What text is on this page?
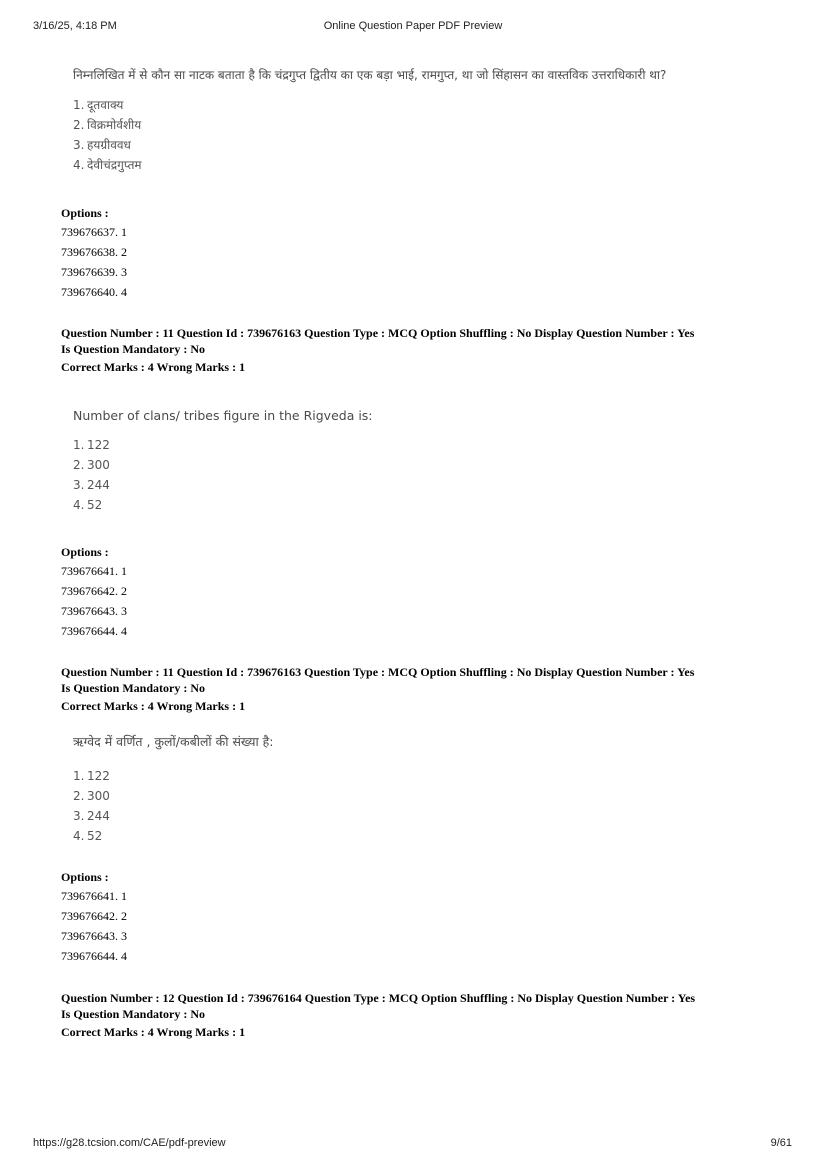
3/16/25, 4:18 PM	Online Question Paper PDF Preview
निम्नलिखित में से कौन सा नाटक बताता है कि चंद्रगुप्त द्वितीय का एक बड़ा भाई, रामगुप्त, था जो सिंहासन का वास्तविक उत्तराधिकारी था?
1. दूतवाक्य
2. विक्रमोर्वशीय
3. हयग्रीववध
4. देवीचंद्रगुप्तम
Options :
739676637. 1
739676638. 2
739676639. 3
739676640. 4
Question Number : 11 Question Id : 739676163 Question Type : MCQ Option Shuffling : No Display Question Number : Yes
Is Question Mandatory : No
Correct Marks : 4 Wrong Marks : 1
Number of clans/ tribes figure in the Rigveda is:
1. 122
2. 300
3. 244
4. 52
Options :
739676641. 1
739676642. 2
739676643. 3
739676644. 4
Question Number : 11 Question Id : 739676163 Question Type : MCQ Option Shuffling : No Display Question Number : Yes
Is Question Mandatory : No
Correct Marks : 4 Wrong Marks : 1
ऋग्वेद में वर्णित , कुलों/कबीलों की संख्या है:
1. 122
2. 300
3. 244
4. 52
Options :
739676641. 1
739676642. 2
739676643. 3
739676644. 4
Question Number : 12 Question Id : 739676164 Question Type : MCQ Option Shuffling : No Display Question Number : Yes
Is Question Mandatory : No
Correct Marks : 4 Wrong Marks : 1
https://g28.tcsion.com/CAE/pdf-preview	9/61
